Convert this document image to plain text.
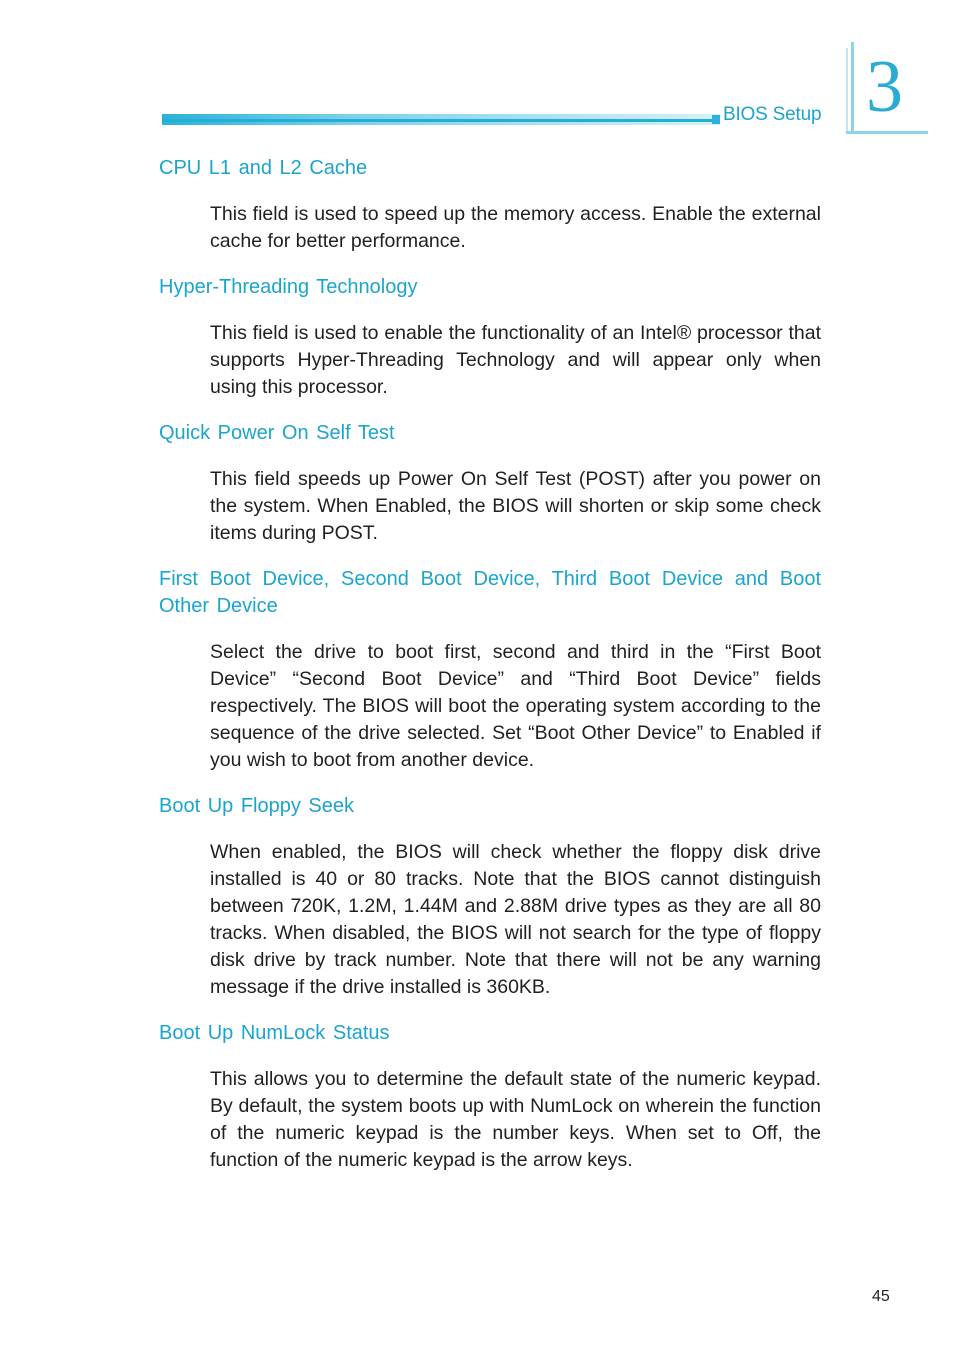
BIOS Setup 3
CPU L1 and L2 Cache
This field is used to speed up the memory access. Enable the external cache for better performance.
Hyper-Threading Technology
This field is used to enable the functionality of an Intel® processor that supports Hyper-Threading Technology and will appear only when using this processor.
Quick Power On Self Test
This field speeds up Power On Self Test (POST) after you power on the system. When Enabled, the BIOS will shorten or skip some check items during POST.
First Boot Device, Second Boot Device, Third Boot Device and Boot Other Device
Select the drive to boot first, second and third in the “First Boot Device” “Second Boot Device” and “Third Boot Device” fields respectively. The BIOS will boot the operating system according to the sequence of the drive selected. Set “Boot Other Device” to Enabled if you wish to boot from another device.
Boot Up Floppy Seek
When enabled, the BIOS will check whether the floppy disk drive installed is 40 or 80 tracks. Note that the BIOS cannot distinguish between 720K, 1.2M, 1.44M and 2.88M drive types as they are all 80 tracks. When disabled, the BIOS will not search for the type of floppy disk drive by track number. Note that there will not be any warning message if the drive installed is 360KB.
Boot Up NumLock Status
This allows you to determine the default state of the numeric keypad. By default, the system boots up with NumLock on wherein the function of the numeric keypad is the number keys. When set to Off, the function of the numeric keypad is the arrow keys.
45
